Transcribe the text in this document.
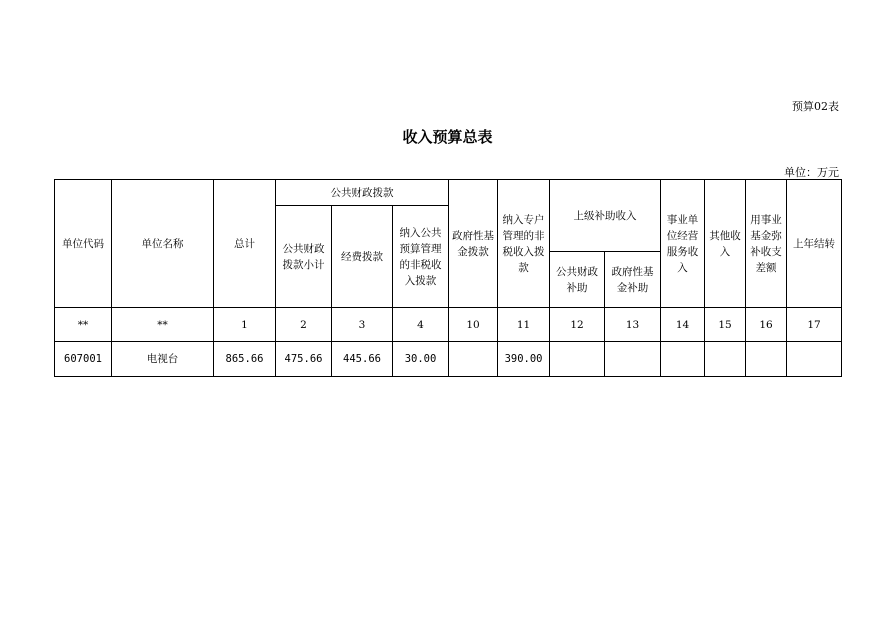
预算02表
收入预算总表
单位：万元
单位代码	单位名称	总计	公共财政拨款			政府性基金拨款	纳入专户管理的非税收入拨款	上级补助收入		事业单位经营服务收入	其他收入	用事业基金弥补收支差额	上年结转
			公共财政拨款小计	经费拨款	纳入公共预算管理的非税收入拨款								
								公共财政补助	政府性基金补助				
**	**	1	2	3	4	10	11	12	13	14	15	16	17
607001	电视台	865.66	475.66	445.66	30.00		390.00						
